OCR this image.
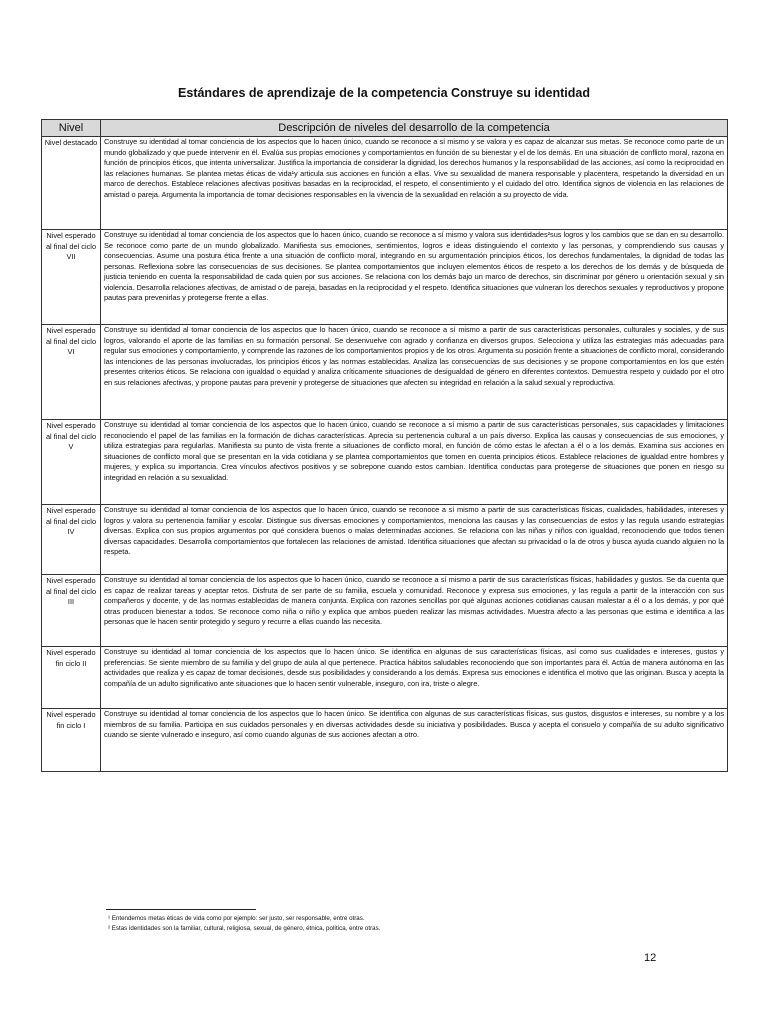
Estándares de aprendizaje de la competencia Construye su identidad
Nivel	Descripción de niveles del desarrollo de la competencia
Nivel destacado	Construye su identidad al tomar conciencia de los aspectos que lo hacen único, cuando se reconoce a sí mismo y se valora y es capaz de alcanzar sus metas. Se reconoce como parte de un mundo globalizado y que puede intervenir en él. Evalúa sus propias emociones y comportamientos en función de su bienestar y el de los demás. En una situación de conflicto moral, razona en función de principios éticos, que intenta universalizar. Justifica la importancia de considerar la dignidad, los derechos humanos y la responsabilidad de las acciones, así como la reciprocidad en las relaciones humanas. Se plantea metas éticas de vida¹y articula sus acciones en función a ellas. Vive su sexualidad de manera responsable y placentera, respetando la diversidad en un marco de derechos. Establece relaciones afectivas positivas basadas en la reciprocidad, el respeto, el consentimiento y el cuidado del otro. Identifica signos de violencia en las relaciones de amistad o pareja. Argumenta la importancia de tomar decisiones responsables en la vivencia de la sexualidad en relación a su proyecto de vida.
Nivel esperado al final del ciclo VII	Construye su identidad al tomar conciencia de los aspectos que lo hacen único, cuando se reconoce a sí mismo y valora sus identidades²sus logros y los cambios que se dan en su desarrollo. Se reconoce como parte de un mundo globalizado. Manifiesta sus emociones, sentimientos, logros e ideas distinguiendo el contexto y las personas, y comprendiendo sus causas y consecuencias. Asume una postura ética frente a una situación de conflicto moral, integrando en su argumentación principios éticos, los derechos fundamentales, la dignidad de todas las personas. Reflexiona sobre las consecuencias de sus decisiones. Se plantea comportamientos que incluyen elementos éticos de respeto a los derechos de los demás y de búsqueda de justicia teniendo en cuenta la responsabilidad de cada quien por sus acciones. Se relaciona con los demás bajo un marco de derechos, sin discriminar por género u orientación sexual y sin violencia. Desarrolla relaciones afectivas, de amistad o de pareja, basadas en la reciprocidad y el respeto. Identifica situaciones que vulneran los derechos sexuales y reproductivos y propone pautas para prevenirlas y protegerse frente a ellas.
Nivel esperado al final del ciclo VI	Construye su identidad al tomar conciencia de los aspectos que lo hacen único, cuando se reconoce a sí mismo a partir de sus características personales, culturales y sociales, y de sus logros, valorando el aporte de las familias en su formación personal. Se desenvuelve con agrado y confianza en diversos grupos. Selecciona y utiliza las estrategias más adecuadas para regular sus emociones y comportamiento, y comprende las razones de los comportamientos propios y de los otros. Argumenta su posición frente a situaciones de conflicto moral, considerando las intenciones de las personas involucradas, los principios éticos y las normas establecidas. Analiza las consecuencias de sus decisiones y se propone comportamientos en los que estén presentes criterios éticos. Se relaciona con igualdad o equidad y analiza críticamente situaciones de desigualdad de género en diferentes contextos. Demuestra respeto y cuidado por el otro en sus relaciones afectivas, y propone pautas para prevenir y protegerse de situaciones que afecten su integridad en relación a la salud sexual y reproductiva.
Nivel esperado al final del ciclo V	Construye su identidad al tomar conciencia de los aspectos que lo hacen único, cuando se reconoce a sí mismo a partir de sus características personales, sus capacidades y limitaciones reconociendo el papel de las familias en la formación de dichas características. Aprecia su pertenencia cultural a un país diverso. Explica las causas y consecuencias de sus emociones, y utiliza estrategias para regularlas. Manifiesta su punto de vista frente a situaciones de conflicto moral, en función de cómo estas le afectan a él o a los demás. Examina sus acciones en situaciones de conflicto moral que se presentan en la vida cotidiana y se plantea comportamientos que tomen en cuenta principios éticos. Establece relaciones de igualdad entre hombres y mujeres, y explica su importancia. Crea vínculos afectivos positivos y se sobrepone cuando estos cambian. Identifica conductas para protegerse de situaciones que ponen en riesgo su integridad en relación a su sexualidad.
Nivel esperado al final del ciclo IV	Construye su identidad al tomar conciencia de los aspectos que lo hacen único, cuando se reconoce a sí mismo a partir de sus características físicas, cualidades, habilidades, intereses y logros y valora su pertenencia familiar y escolar. Distingue sus diversas emociones y comportamientos, menciona las causas y las consecuencias de estos y las regula usando estrategias diversas. Explica con sus propios argumentos por qué considera buenos o malas determinadas acciones. Se relaciona con las niñas y niños con igualdad, reconociendo que todos tienen diversas capacidades. Desarrolla comportamientos que fortalecen las relaciones de amistad. Identifica situaciones que afectan su privacidad o la de otros y busca ayuda cuando alguien no la respeta.
Nivel esperado al final del ciclo III	Construye su identidad al tomar conciencia de los aspectos que lo hacen único, cuando se reconoce a sí mismo a partir de sus características físicas, habilidades y gustos. Se da cuenta que es capaz de realizar tareas y aceptar retos. Disfruta de ser parte de su familia, escuela y comunidad. Reconoce y expresa sus emociones, y las regula a partir de la interacción con sus compañeros y docente, y de las normas establecidas de manera conjunta. Explica con razones sencillas por qué algunas acciones cotidianas causan malestar a él o a los demás, y por qué otras producen bienestar a todos. Se reconoce como niña o niño y explica que ambos pueden realizar las mismas actividades. Muestra afecto a las personas que estima e identifica a las personas que le hacen sentir protegido y seguro y recurre a ellas cuando las necesita.
Nivel esperado fin ciclo II	Construye su identidad al tomar conciencia de los aspectos que lo hacen único. Se identifica en algunas de sus características físicas, así como sus cualidades e intereses, gustos y preferencias. Se siente miembro de su familia y del grupo de aula al que pertenece. Practica hábitos saludables reconociendo que son importantes para él. Actúa de manera autónoma en las actividades que realiza y es capaz de tomar decisiones, desde sus posibilidades y considerando a los demás. Expresa sus emociones e identifica el motivo que las originan. Busca y acepta la compañía de un adulto significativo ante situaciones que lo hacen sentir vulnerable, inseguro, con ira, triste o alegre.
Nivel esperado fin ciclo I	Construye su identidad al tomar conciencia de los aspectos que lo hacen único. Se identifica con algunas de sus características físicas, sus gustos, disgustos e intereses, su nombre y a los miembros de su familia. Participa en sus cuidados personales y en diversas actividades desde su iniciativa y posibilidades. Busca y acepta el consuelo y compañía de su adulto significativo cuando se siente vulnerado e inseguro, así como cuando algunas de sus acciones afectan a otro.
¹ Entendemos metas éticas de vida como por ejemplo: ser justo, ser responsable, entre otras.
² Estas identidades son la familiar, cultural, religiosa, sexual, de género, étnica, política, entre otras.
12
